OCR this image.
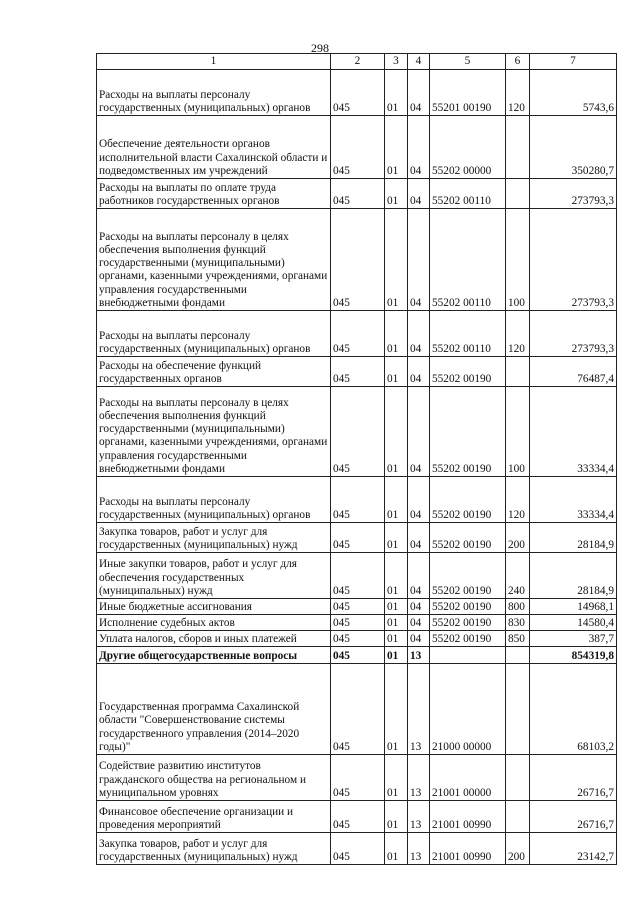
298
1	2	3	4	5	6	7
Расходы на выплаты персоналу государственных (муниципальных) органов	045	01	04	55201 00190	120	5743,6
Обеспечение деятельности органов исполнительной власти Сахалинской области и подведомственных им учреждений	045	01	04	55202 00000		350280,7
Расходы на выплаты по оплате труда работников государственных органов	045	01	04	55202 00110		273793,3
Расходы на выплаты персоналу в целях обеспечения выполнения функций государственными (муниципальными) органами, казенными учреждениями, органами управления государственными внебюджетными фондами	045	01	04	55202 00110	100	273793,3
Расходы на выплаты персоналу государственных (муниципальных) органов	045	01	04	55202 00110	120	273793,3
Расходы на обеспечение функций государственных органов	045	01	04	55202 00190		76487,4
Расходы на выплаты персоналу в целях обеспечения выполнения функций государственными (муниципальными) органами, казенными учреждениями, органами управления государственными внебюджетными фондами	045	01	04	55202 00190	100	33334,4
Расходы на выплаты персоналу государственных (муниципальных) органов	045	01	04	55202 00190	120	33334,4
Закупка товаров, работ и услуг для государственных (муниципальных) нужд	045	01	04	55202 00190	200	28184,9
Иные закупки товаров, работ и услуг для обеспечения государственных (муниципальных) нужд	045	01	04	55202 00190	240	28184,9
Иные бюджетные ассигнования	045	01	04	55202 00190	800	14968,1
Исполнение судебных актов	045	01	04	55202 00190	830	14580,4
Уплата налогов, сборов и иных платежей	045	01	04	55202 00190	850	387,7
Другие общегосударственные вопросы	045	01	13			854319,8
Государственная программа Сахалинской области "Совершенствование системы государственного управления (2014–2020 годы)"	045	01	13	21000 00000		68103,2
Содействие развитию институтов гражданского общества на региональном и муниципальном уровнях	045	01	13	21001 00000		26716,7
Финансовое обеспечение организации и проведения мероприятий	045	01	13	21001 00990		26716,7
Закупка товаров, работ и услуг для государственных (муниципальных) нужд	045	01	13	21001 00990	200	23142,7
